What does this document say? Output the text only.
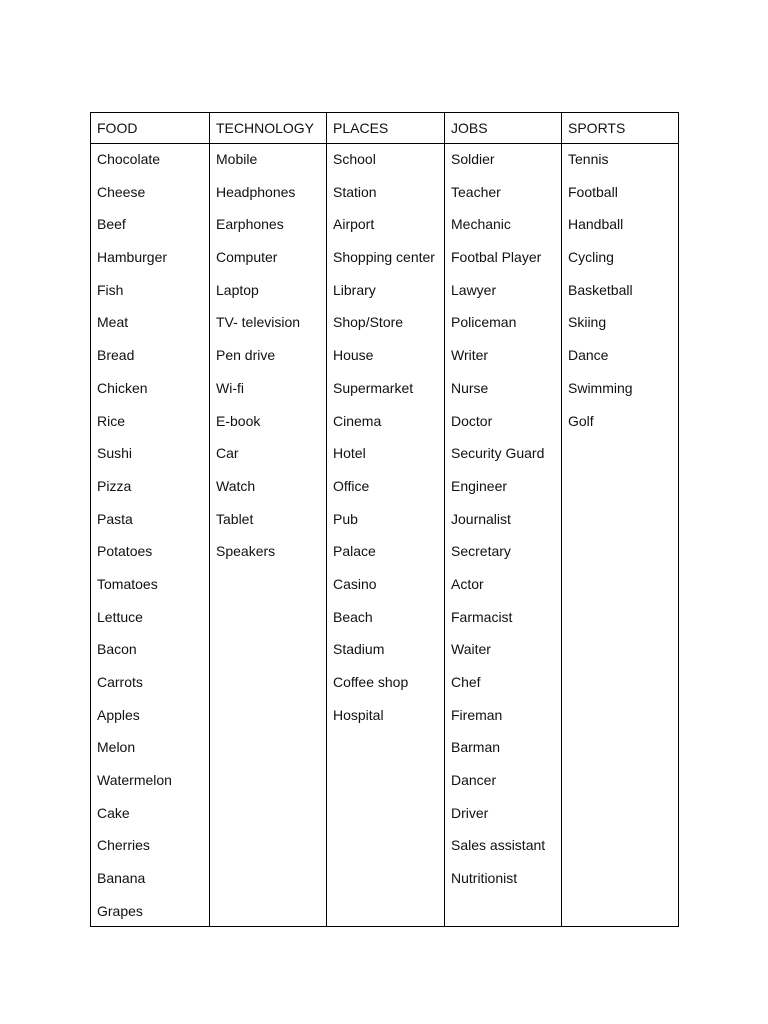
FOOD
Chocolate
Cheese
Beef
Hamburger
Fish
Meat
Bread
Chicken
Rice
Sushi
Pizza
Pasta
Potatoes
Tomatoes
Lettuce
Bacon
Carrots
Apples
Melon
Watermelon
Cake
Cherries
Banana
Grapes
TECHNOLOGY
Mobile
Headphones
Earphones
Computer
Laptop
TV- television
Pen drive
Wi-fi
E-book
Car
Watch
Tablet
Speakers
PLACES
School
Station
Airport
Shopping center
Library
Shop/Store
House
Supermarket
Cinema
Hotel
Office
Pub
Palace
Casino
Beach
Stadium
Coffee shop
Hospital
JOBS
Soldier
Teacher
Mechanic
Footbal Player
Lawyer
Policeman
Writer
Nurse
Doctor
Security Guard
Engineer
Journalist
Secretary
Actor
Farmacist
Waiter
Chef
Fireman
Barman
Dancer
Driver
Sales assistant
Nutritionist
SPORTS
Tennis
Football
Handball
Cycling
Basketball
Skiing
Dance
Swimming
Golf
